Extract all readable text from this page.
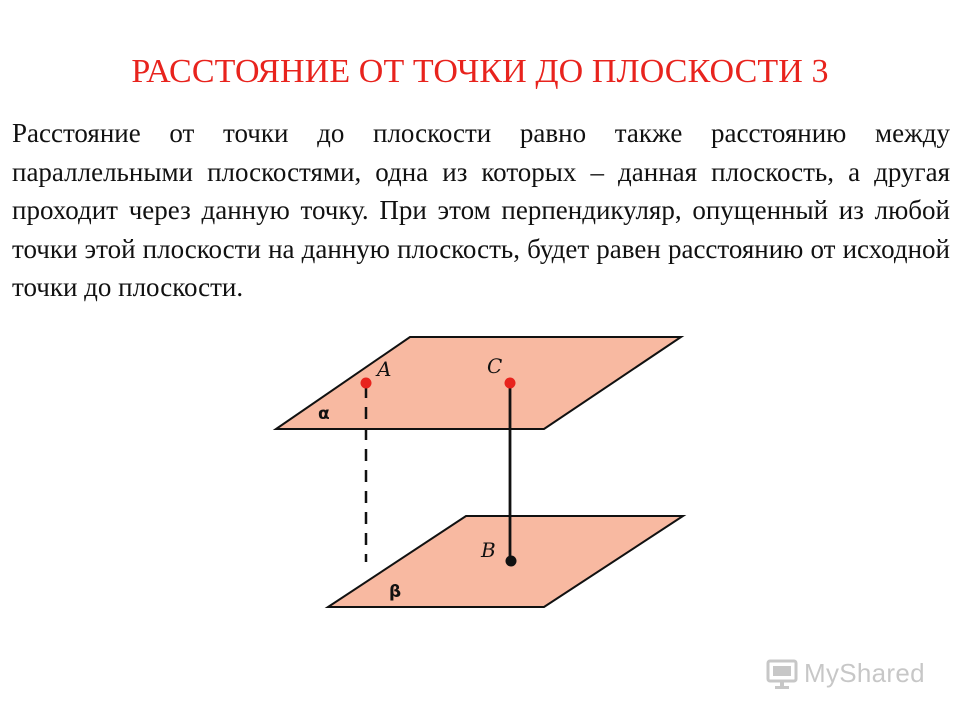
РАССТОЯНИЕ ОТ ТОЧКИ ДО ПЛОСКОСТИ 3
Расстояние от точки до плоскости равно также расстоянию между параллельными плоскостями, одна из которых – данная плоскость, а другая проходит через данную точку. При этом перпендикуляр, опущенный из любой точки этой плоскости на данную плоскость, будет равен расстоянию от исходной точки до плоскости.
A	C
B
α
β
MyShared
